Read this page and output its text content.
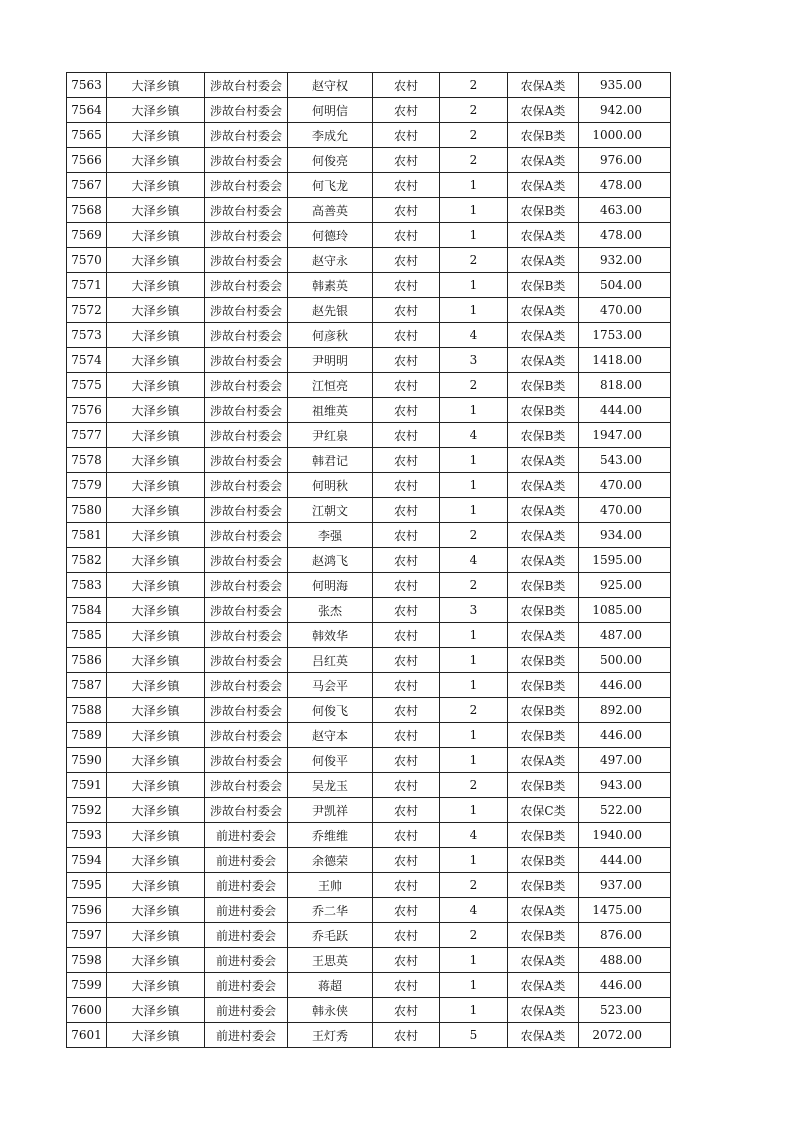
7563	大泽乡镇	涉故台村委会	赵守权	农村	2	农保A类	935.00
7564	大泽乡镇	涉故台村委会	何明信	农村	2	农保A类	942.00
7565	大泽乡镇	涉故台村委会	李成允	农村	2	农保B类	1000.00
7566	大泽乡镇	涉故台村委会	何俊亮	农村	2	农保A类	976.00
7567	大泽乡镇	涉故台村委会	何飞龙	农村	1	农保A类	478.00
7568	大泽乡镇	涉故台村委会	高善英	农村	1	农保B类	463.00
7569	大泽乡镇	涉故台村委会	何德玲	农村	1	农保A类	478.00
7570	大泽乡镇	涉故台村委会	赵守永	农村	2	农保A类	932.00
7571	大泽乡镇	涉故台村委会	韩素英	农村	1	农保B类	504.00
7572	大泽乡镇	涉故台村委会	赵先银	农村	1	农保A类	470.00
7573	大泽乡镇	涉故台村委会	何彦秋	农村	4	农保A类	1753.00
7574	大泽乡镇	涉故台村委会	尹明明	农村	3	农保A类	1418.00
7575	大泽乡镇	涉故台村委会	江恒亮	农村	2	农保B类	818.00
7576	大泽乡镇	涉故台村委会	祖维英	农村	1	农保B类	444.00
7577	大泽乡镇	涉故台村委会	尹红泉	农村	4	农保B类	1947.00
7578	大泽乡镇	涉故台村委会	韩君记	农村	1	农保A类	543.00
7579	大泽乡镇	涉故台村委会	何明秋	农村	1	农保A类	470.00
7580	大泽乡镇	涉故台村委会	江朝文	农村	1	农保A类	470.00
7581	大泽乡镇	涉故台村委会	李强	农村	2	农保A类	934.00
7582	大泽乡镇	涉故台村委会	赵鸿飞	农村	4	农保A类	1595.00
7583	大泽乡镇	涉故台村委会	何明海	农村	2	农保B类	925.00
7584	大泽乡镇	涉故台村委会	张杰	农村	3	农保B类	1085.00
7585	大泽乡镇	涉故台村委会	韩效华	农村	1	农保A类	487.00
7586	大泽乡镇	涉故台村委会	吕红英	农村	1	农保B类	500.00
7587	大泽乡镇	涉故台村委会	马会平	农村	1	农保B类	446.00
7588	大泽乡镇	涉故台村委会	何俊飞	农村	2	农保B类	892.00
7589	大泽乡镇	涉故台村委会	赵守本	农村	1	农保B类	446.00
7590	大泽乡镇	涉故台村委会	何俊平	农村	1	农保A类	497.00
7591	大泽乡镇	涉故台村委会	吴龙玉	农村	2	农保B类	943.00
7592	大泽乡镇	涉故台村委会	尹凯祥	农村	1	农保C类	522.00
7593	大泽乡镇	前进村委会	乔维维	农村	4	农保B类	1940.00
7594	大泽乡镇	前进村委会	余德荣	农村	1	农保B类	444.00
7595	大泽乡镇	前进村委会	王帅	农村	2	农保B类	937.00
7596	大泽乡镇	前进村委会	乔二华	农村	4	农保A类	1475.00
7597	大泽乡镇	前进村委会	乔毛跃	农村	2	农保B类	876.00
7598	大泽乡镇	前进村委会	王思英	农村	1	农保A类	488.00
7599	大泽乡镇	前进村委会	蒋超	农村	1	农保A类	446.00
7600	大泽乡镇	前进村委会	韩永侠	农村	1	农保A类	523.00
7601	大泽乡镇	前进村委会	王灯秀	农村	5	农保A类	2072.00
